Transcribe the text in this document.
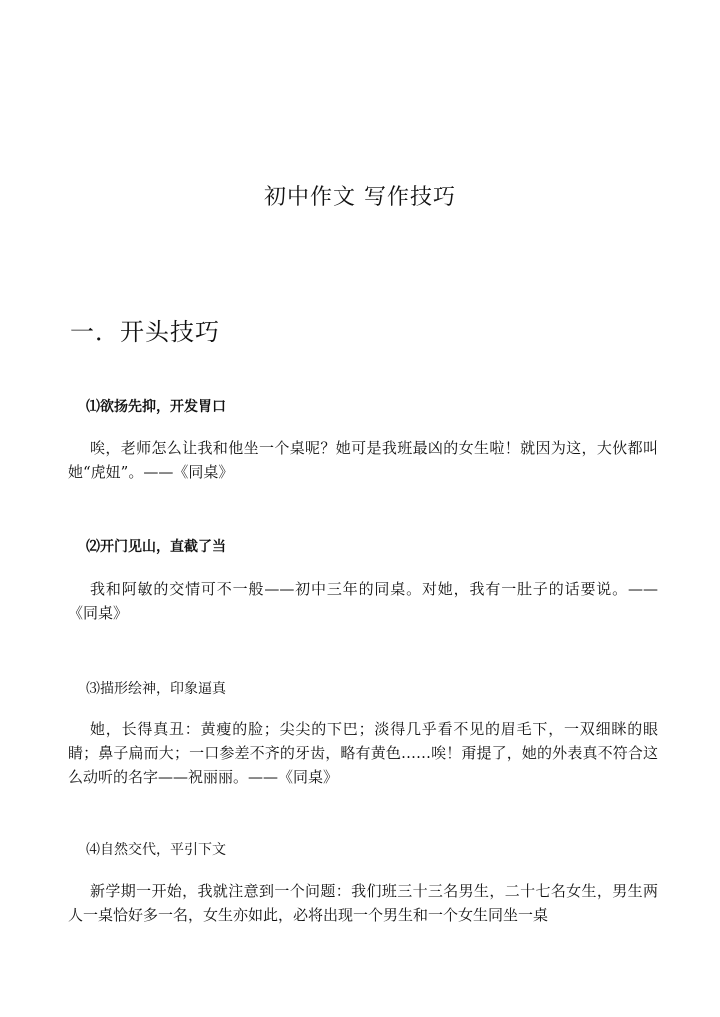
初中作文 写作技巧
一．开头技巧

⑴欲扬先抑，开发胃口

唉，老师怎么让我和他坐一个桌呢？她可是我班最凶的女生啦！就因为这，大伙都叫她“虎妞”。——《同桌》

⑵开门见山，直截了当

我和阿敏的交情可不一般——初中三年的同桌。对她，我有一肚子的话要说。——《同桌》

⑶描形绘神，印象逼真

她，长得真丑：黄瘦的脸；尖尖的下巴；淡得几乎看不见的眉毛下，一双细眯的眼睛；鼻子扁而大；一口参差不齐的牙齿，略有黄色……唉！甭提了，她的外表真不符合这么动听的名字——祝丽丽。——《同桌》

⑷自然交代，平引下文

新学期一开始，我就注意到一个问题：我们班三十三名男生，二十七名女生，男生两人一桌恰好多一名，女生亦如此，必将出现一个男生和一个女生同坐一桌
